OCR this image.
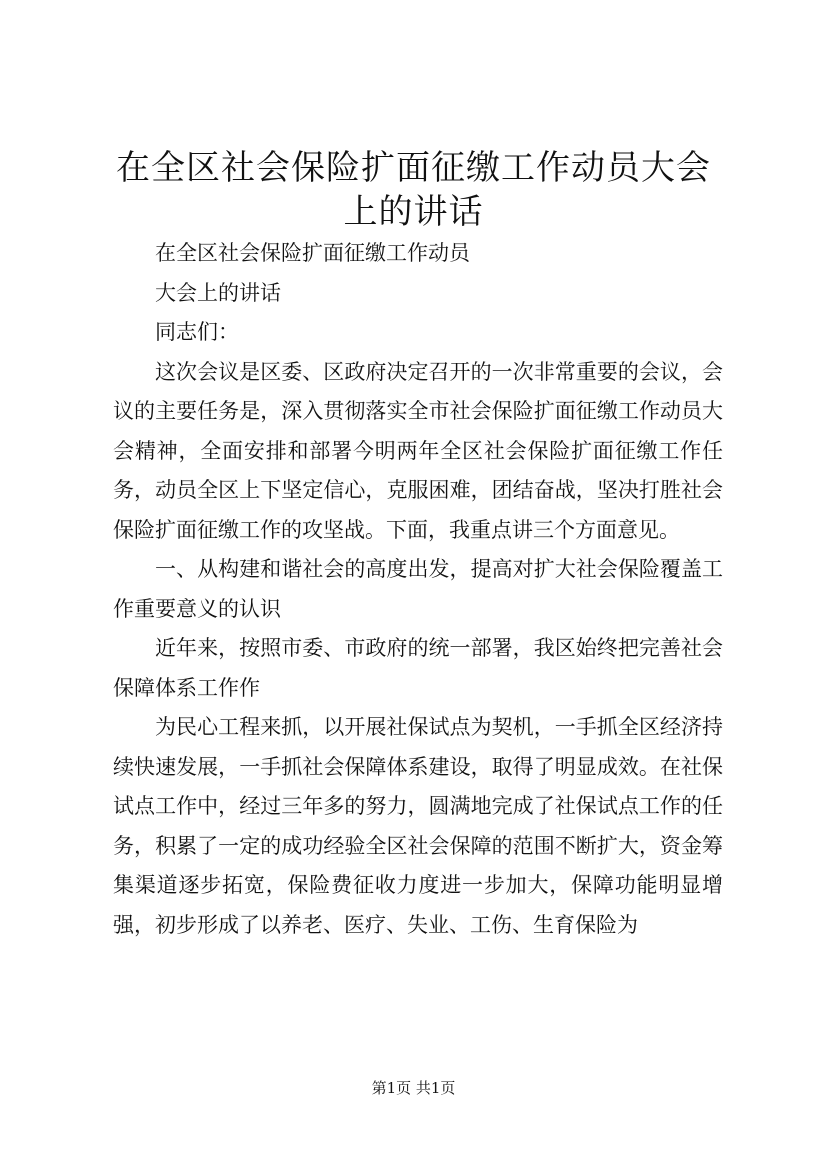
在全区社会保险扩面征缴工作动员大会上的讲话

在全区社会保险扩面征缴工作动员

大会上的讲话

同志们：

这次会议是区委、区政府决定召开的一次非常重要的会议，会议的主要任务是，深入贯彻落实全市社会保险扩面征缴工作动员大会精神，全面安排和部署今明两年全区社会保险扩面征缴工作任务，动员全区上下坚定信心，克服困难，团结奋战，坚决打胜社会保险扩面征缴工作的攻坚战。下面，我重点讲三个方面意见。

一、从构建和谐社会的高度出发，提高对扩大社会保险覆盖工作重要意义的认识

近年来，按照市委、市政府的统一部署，我区始终把完善社会保障体系工作作

为民心工程来抓，以开展社保试点为契机，一手抓全区经济持续快速发展，一手抓社会保障体系建设，取得了明显成效。在社保试点工作中，经过三年多的努力，圆满地完成了社保试点工作的任务，积累了一定的成功经验全区社会保障的范围不断扩大，资金筹集渠道逐步拓宽，保险费征收力度进一步加大，保障功能明显增强，初步形成了以养老、医疗、失业、工伤、生育保险为

第1页 共1页
